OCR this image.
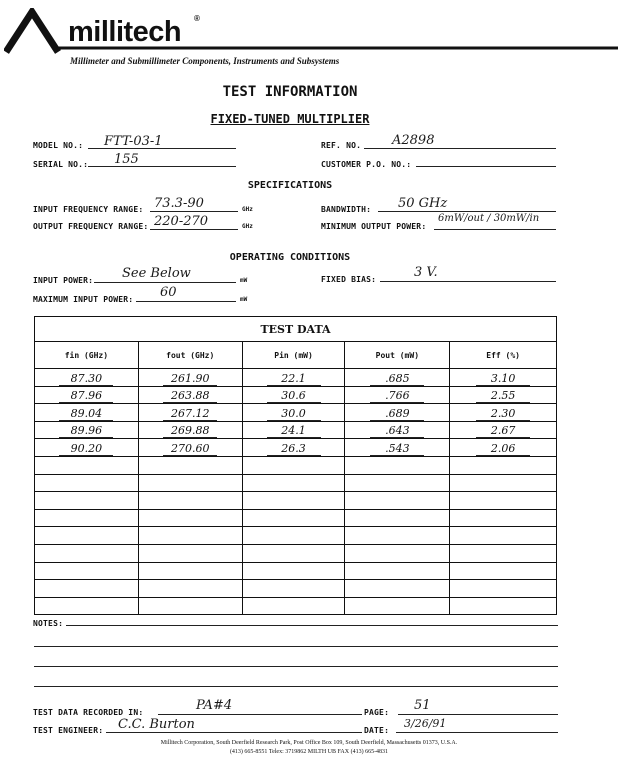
millitech ®
Millimeter and Submillimeter Components, Instruments and Subsystems
TEST INFORMATION
FIXED-TUNED MULTIPLIER
MODEL NO.: FTT-03-1	REF. NO. A2898
SERIAL NO.: 155	CUSTOMER P.O. NO.:
SPECIFICATIONS
INPUT FREQUENCY RANGE: 73.3-90	GHz	BANDWIDTH: 50 GHz
OUTPUT FREQUENCY RANGE: 220-270	GHz	MINIMUM OUTPUT POWER:
6mW/out / 30mW/in
OPERATING CONDITIONS
INPUT POWER: See Below	mW	FIXED BIAS:	3 V.
MAXIMUM INPUT POWER: 60	mW
TEST DATA				
fin (GHz)	fout (GHz)	Pin (mW)	Pout (mW)	Eff (%)
87.30	261.90	22.1	.685	3.10
87.96	263.88	30.6	.766	2.55
89.04	267.12	30.0	.689	2.30
89.96	269.88	24.1	.643	2.67
90.20	270.60	26.3	.543	2.06

NOTES:
TEST DATA RECORDED IN:	PA#4	PAGE: 51
TEST ENGINEER: C.C. Burton	DATE:
3/26/91
Millitech Corporation, South Deerfield Research Park, Post Office Box 109, South Deerfield, Massachusetts 01373, U.S.A.
(413) 665-8551 Telex: 3719862 MILTH UB FAX (413) 665-4831
